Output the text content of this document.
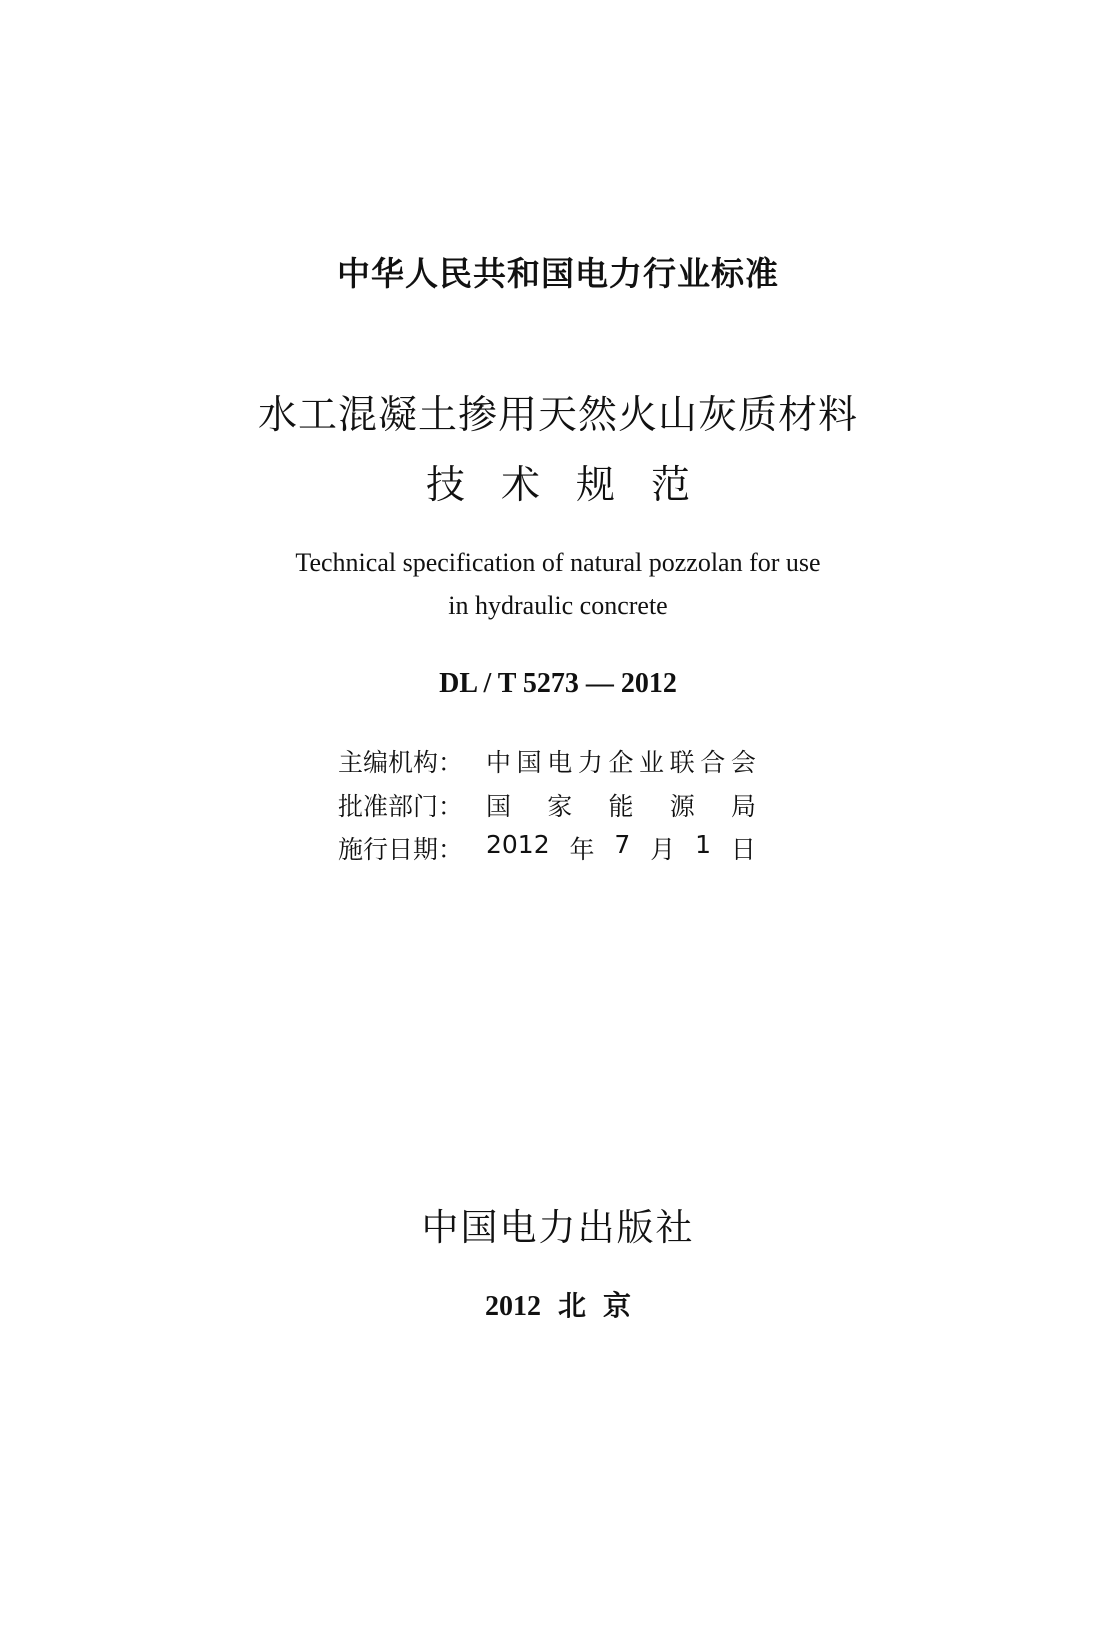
中华人民共和国电力行业标准
水工混凝土掺用天然火山灰质材料
技术规范
Technical specification of natural pozzolan for use
in hydraulic concrete
DL / T 5273 — 2012
主编机构： 中 国 电 力 企 业 联 合 会
批准部门： 国 家 能 源 局
施行日期： 2012 年 7 月 1 日
中国电力出版社
2012 北 京
